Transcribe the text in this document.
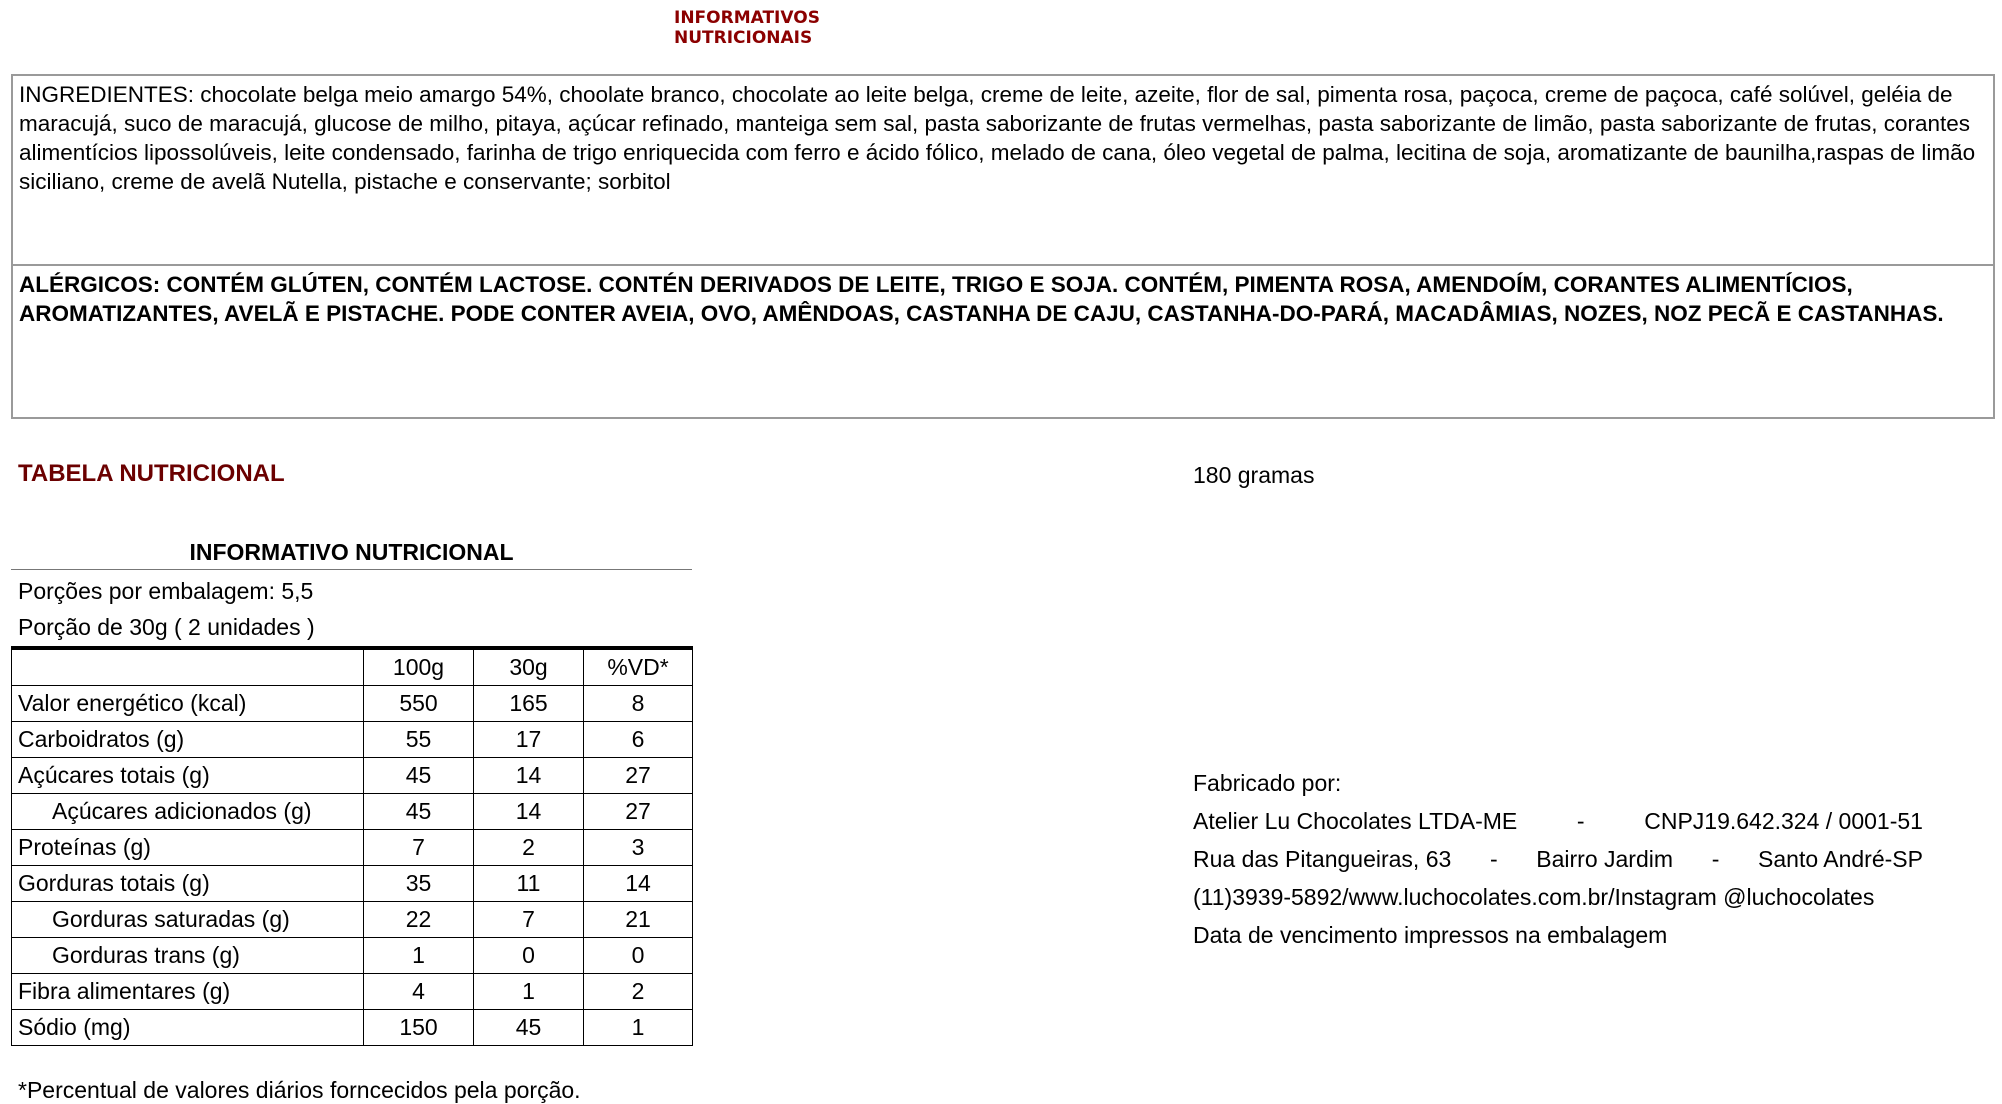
INFORMATIVOS NUTRICIONAIS
INGREDIENTES: chocolate belga meio amargo 54%, choolate branco, chocolate ao leite belga, creme de leite, azeite, flor de sal, pimenta rosa, paçoca, creme de paçoca, café solúvel, geléia de maracujá, suco de maracujá, glucose de milho, pitaya, açúcar refinado, manteiga sem sal, pasta saborizante de frutas vermelhas, pasta saborizante de limão, pasta saborizante de frutas, corantes alimentícios lipossolúveis, leite condensado, farinha de trigo enriquecida com ferro e ácido fólico, melado de cana, óleo vegetal de palma, lecitina de soja, aromatizante de baunilha,raspas de limão siciliano, creme de avelã Nutella, pistache e conservante; sorbitol
ALÉRGICOS: CONTÉM GLÚTEN, CONTÉM LACTOSE. CONTÉN DERIVADOS DE LEITE, TRIGO E SOJA. CONTÉM, PIMENTA ROSA, AMENDOÍM, CORANTES ALIMENTÍCIOS, AROMATIZANTES, AVELÃ E PISTACHE. PODE CONTER AVEIA, OVO, AMÊNDOAS, CASTANHA DE CAJU, CASTANHA-DO-PARÁ, MACADÂMIAS, NOZES, NOZ PECÃ E CASTANHAS.
TABELA NUTRICIONAL	180 gramas
INFORMATIVO NUTRICIONAL
Porções por embalagem: 5,5
Porção de 30g ( 2 unidades )
	100g	30g	%VD*
Valor energético (kcal)	550	165	8
Carboidratos (g)	55	17	6
Açúcares totais (g)	45	14	27
Açúcares adicionados (g)	45	14	27
Proteínas (g)	7	2	3
Gorduras totais (g)	35	11	14
Gorduras saturadas (g)	22	7	21
Gorduras trans (g)	1	0	0
Fibra alimentares (g)	4	1	2
Sódio (mg)	150	45	1
*Percentual de valores diários forncecidos pela porção.
Fabricado por:
Atelier Lu Chocolates LTDA-ME	-	CNPJ19.642.324 / 0001-51
Rua das Pitangueiras, 63 - Bairro Jardim - Santo André-SP
(11)3939-5892/www.luchocolates.com.br/Instagram @luchocolates
Data de vencimento impressos na embalagem
